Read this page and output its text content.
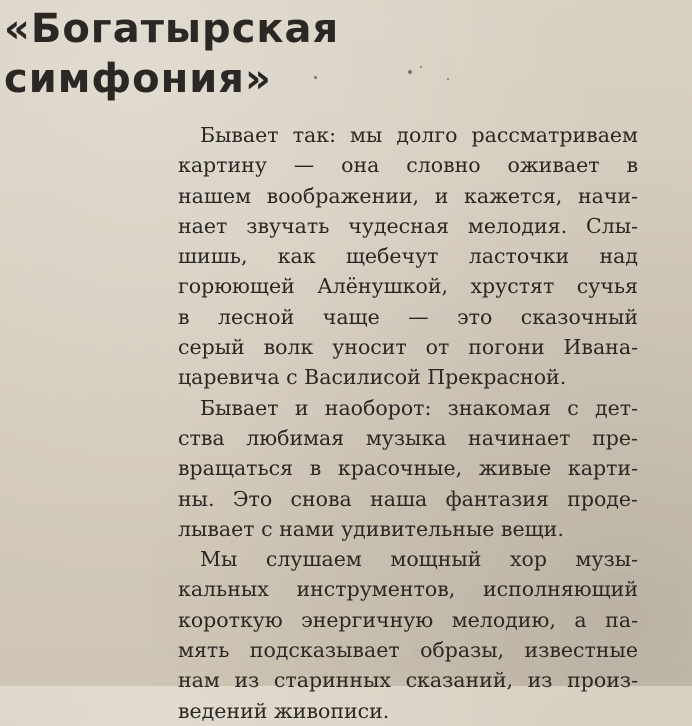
«Богатырская
симфония»

Бывает так: мы долго рассматриваем
картину — она словно оживает в
нашем воображении, и кажется, начи-
нает звучать чудесная мелодия. Слы-
шишь, как щебечут ласточки над
горюющей Алёнушкой, хрустят сучья
в лесной чаще — это сказочный
серый волк уносит от погони Ивана-
царевича с Василисой Прекрасной.

Бывает и наоборот: знакомая с дет-
ства любимая музыка начинает пре-
вращаться в красочные, живые карти-
ны. Это снова наша фантазия проде-
лывает с нами удивительные вещи.

Мы слушаем мощный хор музы-
кальных инструментов, исполняющий
короткую энергичную мелодию, а па-
мять подсказывает образы, известные
нам из старинных сказаний, из произ-
ведений живописи.
